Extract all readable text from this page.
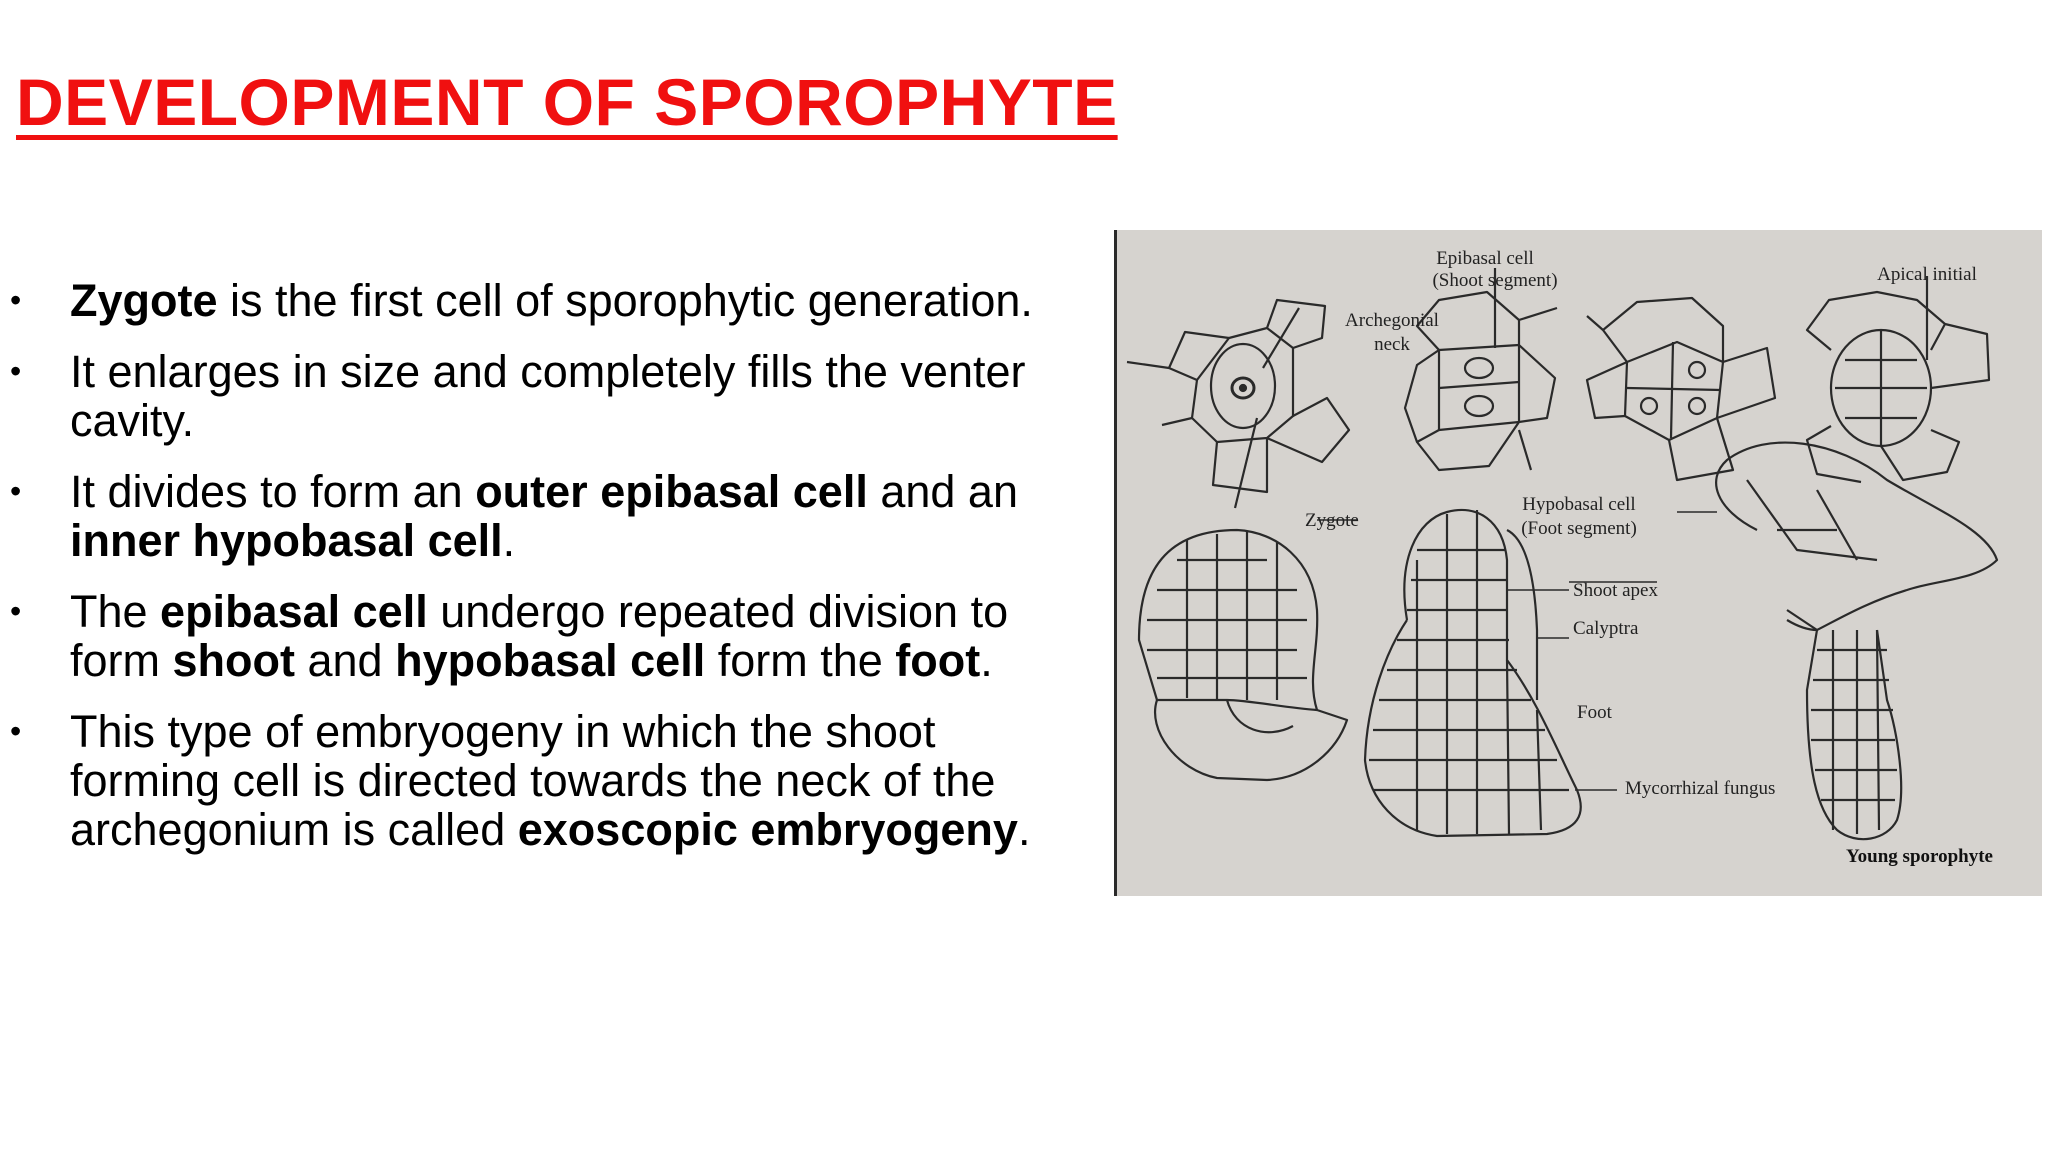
DEVELOPMENT OF SPOROPHYTE
• Zygote is the first cell of sporophytic generation.
• It enlarges in size and completely fills the venter cavity.
• It divides to form an outer epibasal cell and an inner hypobasal cell.
• The epibasal cell undergo repeated division to form shoot and hypobasal cell form the foot.
• This type of embryogeny in which the shoot forming cell is directed towards the neck of the archegonium is called exoscopic embryogeny.
Epibasal cell
(Shoot segment)	Apical initial
Archegonial
neck
Zygote
Hypobasal cell
(Foot segment)
Shoot apex
Calyptra
Foot
Mycorrhizal fungus
Young sporophyte
